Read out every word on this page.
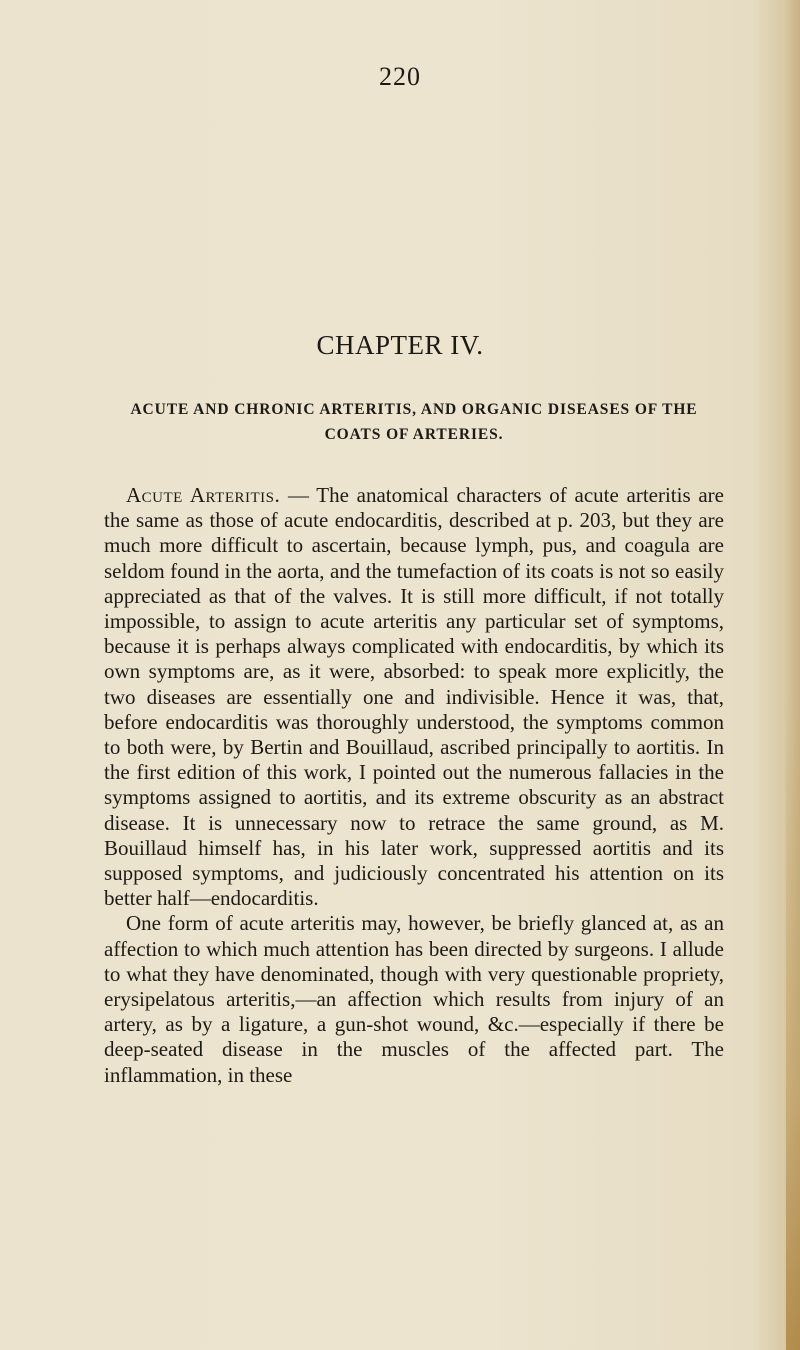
220
CHAPTER IV.
ACUTE AND CHRONIC ARTERITIS, AND ORGANIC DISEASES OF THE COATS OF ARTERIES.

Acute Arteritis. — The anatomical characters of acute arteritis are the same as those of acute endocarditis, described at p. 203, but they are much more difficult to ascertain, because lymph, pus, and coagula are seldom found in the aorta, and the tumefaction of its coats is not so easily appreciated as that of the valves. It is still more difficult, if not totally impossible, to assign to acute arteritis any particular set of symptoms, because it is perhaps always complicated with endocarditis, by which its own symptoms are, as it were, absorbed: to speak more explicitly, the two diseases are essentially one and indivisible. Hence it was, that, before endocarditis was thoroughly understood, the symptoms common to both were, by Bertin and Bouillaud, ascribed principally to aortitis. In the first edition of this work, I pointed out the numerous fallacies in the symptoms assigned to aortitis, and its extreme obscurity as an abstract disease. It is unnecessary now to retrace the same ground, as M. Bouillaud himself has, in his later work, suppressed aortitis and its supposed symptoms, and judiciously concentrated his attention on its better half—endocarditis.

One form of acute arteritis may, however, be briefly glanced at, as an affection to which much attention has been directed by surgeons. I allude to what they have denominated, though with very questionable propriety, erysipelatous arteritis,—an affection which results from injury of an artery, as by a ligature, a gun-shot wound, &c.—especially if there be deep-seated disease in the muscles of the affected part. The inflammation, in these
